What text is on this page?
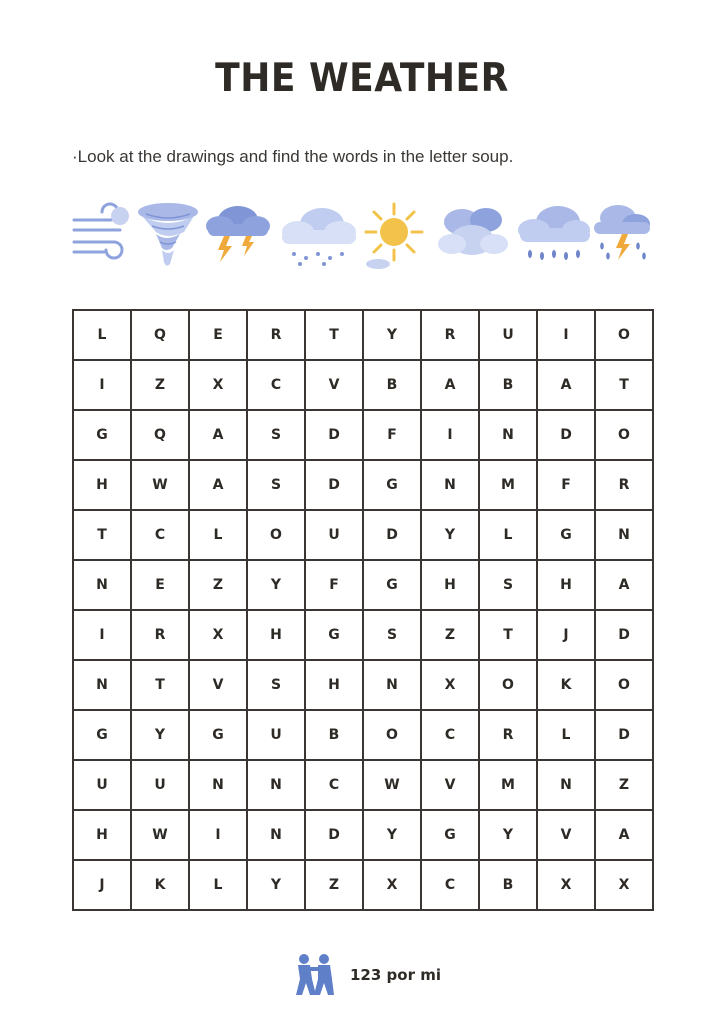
THE WEATHER
·Look at the drawings and find the words in the letter soup.
L	Q	E	R	T	Y	R	U	I	O
I	Z	X	C	V	B	A	B	A	T
G	Q	A	S	D	F	I	N	D	O
H	W	A	S	D	G	N	M	F	R
T	C	L	O	U	D	Y	L	G	N
N	E	Z	Y	F	G	H	S	H	A
I	R	X	H	G	S	Z	T	J	D
N	T	V	S	H	N	X	O	K	O
G	Y	G	U	B	O	C	R	L	D
U	U	N	N	C	W	V	M	N	Z
H	W	I	N	D	Y	G	Y	V	A
J	K	L	Y	Z	X	C	B	X	X
123 por mi
